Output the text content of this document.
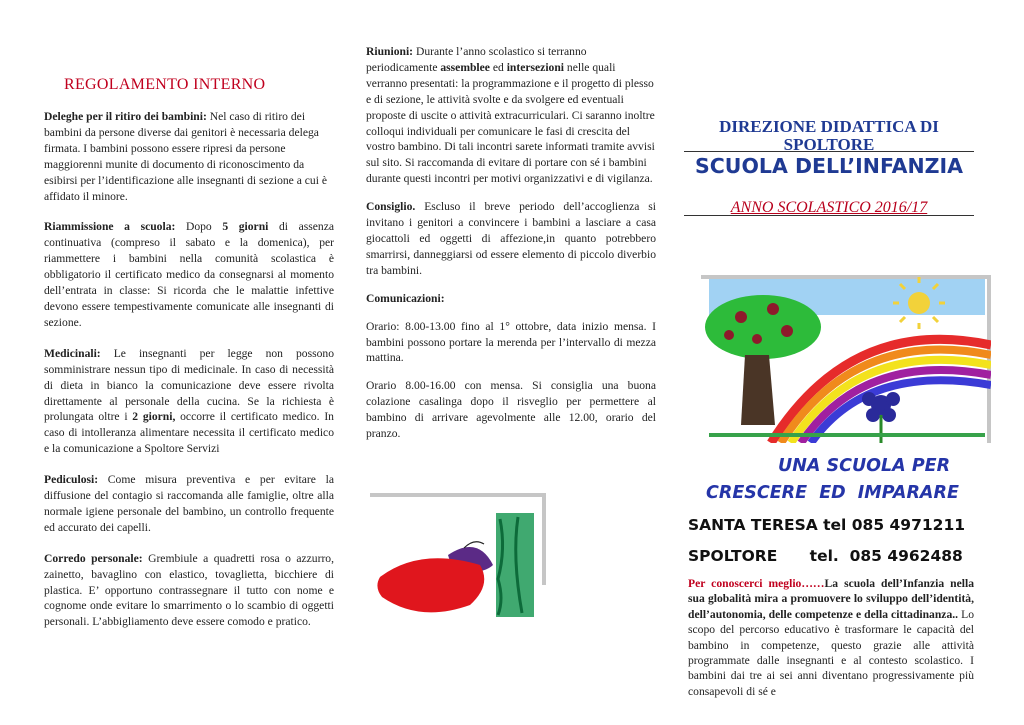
REGOLAMENTO INTERNO

Deleghe per il ritiro dei bambini: Nel caso di ritiro dei bambini da persone diverse dai genitori è necessaria delega firmata. I bambini possono essere ripresi da persone maggiorenni munite di documento di riconoscimento da esibirsi per l’identificazione alle insegnanti di sezione a cui è affidato il minore.

Riammissione a scuola: Dopo 5 giorni di assenza continuativa (compreso il sabato e la domenica), per riammettere i bambini nella comunità scolastica è obbligatorio il certificato medico da consegnarsi al momento dell’entrata in classe: Si ricorda che le malattie infettive devono essere tempestivamente comunicate alle insegnanti di sezione.

Medicinali: Le insegnanti per legge non possono somministrare nessun tipo di medicinale. In caso di necessità di dieta in bianco la comunicazione deve essere rivolta direttamente al personale della cucina. Se la richiesta è prolungata oltre i 2 giorni, occorre il certificato medico. In caso di intolleranza alimentare necessita il certificato medico e la comunicazione a Spoltore Servizi

Pediculosi: Come misura preventiva e per evitare la diffusione del contagio si raccomanda alle famiglie, oltre alla normale igiene personale del bambino, un controllo frequente ed accurato dei capelli.

Corredo personale: Grembiule a quadretti rosa o azzurro, zainetto, bavaglino con elastico, tovaglietta, bicchiere di plastica. E’ opportuno contrassegnare il tutto con nome e cognome onde evitare lo smarrimento o lo scambio di oggetti personali. L’abbigliamento deve essere comodo e pratico.

Riunioni: Durante l’anno scolastico si terranno periodicamente assemblee ed intersezioni nelle quali verranno presentati: la programmazione e il progetto di plesso e di sezione, le attività svolte e da svolgere ed eventuali proposte di uscite o attività extracurriculari. Ci saranno inoltre colloqui individuali per comunicare le fasi di crescita del vostro bambino. Di tali incontri sarete informati tramite avvisi sul sito. Si raccomanda di evitare di portare con sé i bambini durante questi incontri per motivi organizzativi e di vigilanza.

Consiglio. Escluso il breve periodo dell’accoglienza si invitano i genitori a convincere i bambini a lasciare a casa giocattoli ed oggetti di affezione,in quanto potrebbero smarrirsi, danneggiarsi od essere elemento di piccolo diverbio tra bambini.

Comunicazioni:

Orario: 8.00-13.00 fino al 1° ottobre, data inizio mensa. I bambini possono portare la merenda per l’intervallo di mezza mattina.

Orario 8.00-16.00 con mensa. Si consiglia una buona colazione casalinga dopo il risveglio per permettere al bambino di arrivare agevolmente alle 12.00, orario del pranzo.

DIREZIONE DIDATTICA DI SPOLTORE
SCUOLA DELL’INFANZIA
ANNO SCOLASTICO 2016/17
UNA SCUOLA PER
CRESCERE ED IMPARARE
SANTA TERESA tel 085 4971211
SPOLTORE      tel.  085 4962488

Per conoscerci meglio……La scuola dell’Infanzia nella sua globalità mira a promuovere lo sviluppo dell’identità, dell’autonomia, delle competenze e della cittadinanza.. Lo scopo del percorso educativo è trasformare le capacità del bambino in competenze, questo grazie alle attività programmate dalle insegnanti e al contesto scolastico. I bambini dai tre ai sei anni diventano progressivamente più consapevoli di sé e
